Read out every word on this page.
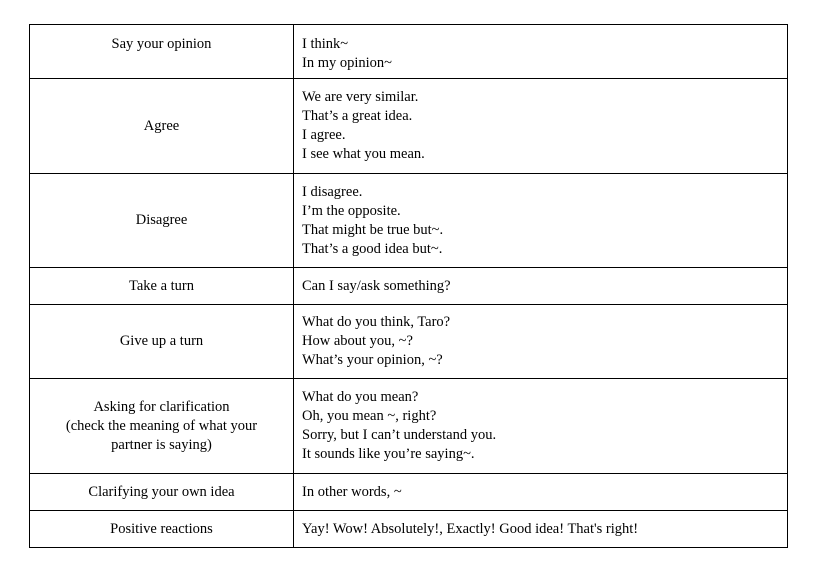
Say your opinion	I think~
In my opinion~

Agree	We are very similar.
That’s a great idea.
I agree.
I see what you mean.

Disagree	I disagree.
I’m the opposite.
That might be true but~.
That’s a good idea but~.

Take a turn	Can I say/ask something?

Give up a turn	What do you think, Taro?
How about you, ~?
What’s your opinion, ~?

Asking for clarification
(check the meaning of what your
partner is saying)	What do you mean?
Oh, you mean ~, right?
Sorry, but I can’t understand you.
It sounds like you’re saying~.

Clarifying your own idea	In other words, ~

Positive reactions	Yay! Wow! Absolutely!, Exactly! Good idea! That's right!
